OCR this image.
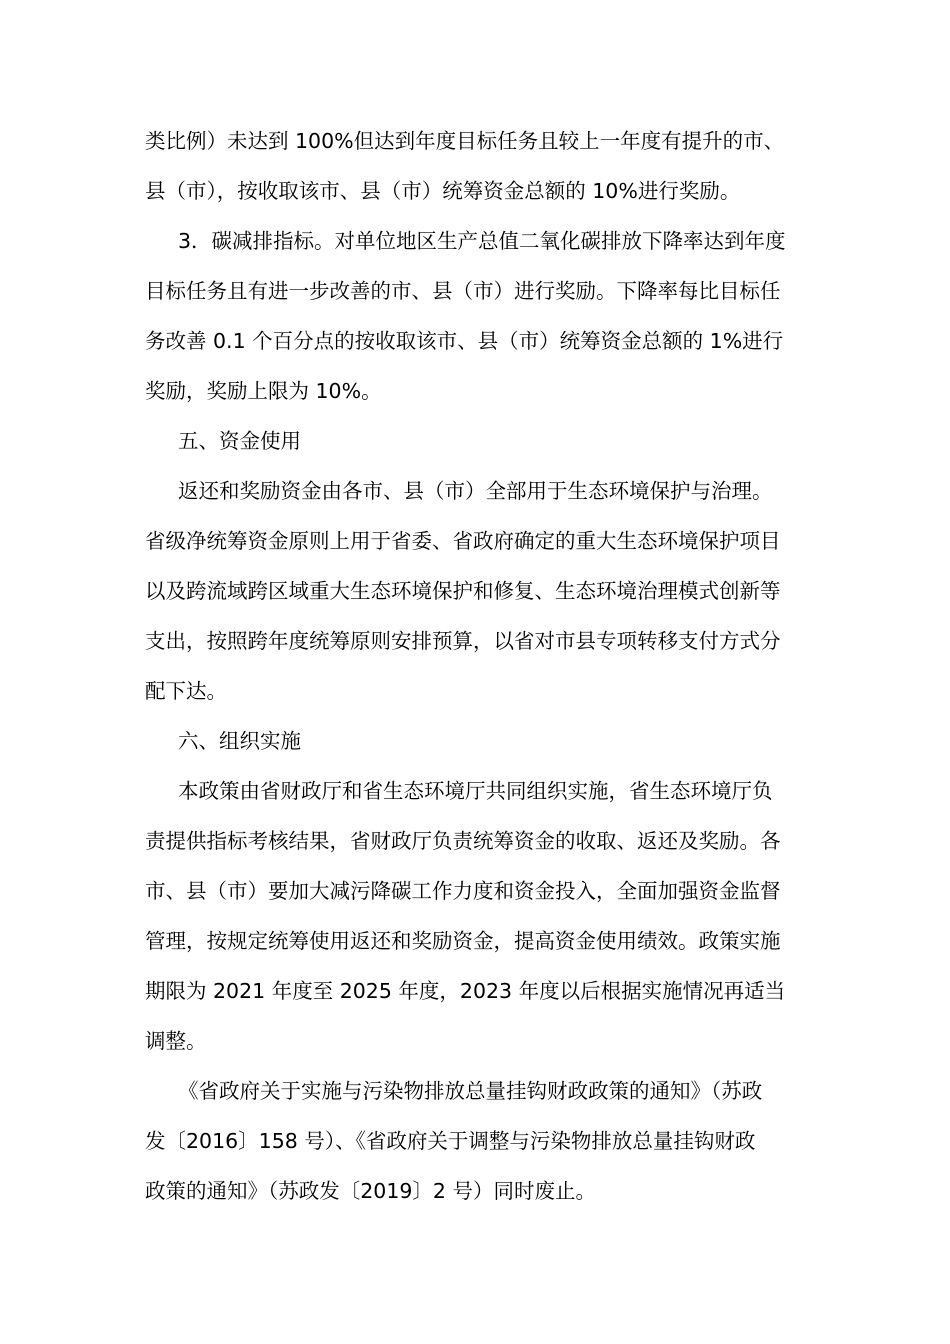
类比例）未达到 100%但达到年度目标任务且较上一年度有提升的市、
县（市），按收取该市、县（市）统筹资金总额的 10%进行奖励。
3．碳减排指标。对单位地区生产总值二氧化碳排放下降率达到年度
目标任务且有进一步改善的市、县（市）进行奖励。下降率每比目标任
务改善 0.1 个百分点的按收取该市、县（市）统筹资金总额的 1%进行
奖励，奖励上限为 10%。
五、资金使用
返还和奖励资金由各市、县（市）全部用于生态环境保护与治理。
省级净统筹资金原则上用于省委、省政府确定的重大生态环境保护项目
以及跨流域跨区域重大生态环境保护和修复、生态环境治理模式创新等
支出，按照跨年度统筹原则安排预算，以省对市县专项转移支付方式分
配下达。
六、组织实施
本政策由省财政厅和省生态环境厅共同组织实施，省生态环境厅负
责提供指标考核结果，省财政厅负责统筹资金的收取、返还及奖励。各
市、县（市）要加大减污降碳工作力度和资金投入，全面加强资金监督
管理，按规定统筹使用返还和奖励资金，提高资金使用绩效。政策实施
期限为 2021 年度至 2025 年度，2023 年度以后根据实施情况再适当
调整。
《省政府关于实施与污染物排放总量挂钩财政政策的通知》（苏政
发〔2016〕158 号）、《省政府关于调整与污染物排放总量挂钩财政
政策的通知》（苏政发〔2019〕2 号）同时废止。
